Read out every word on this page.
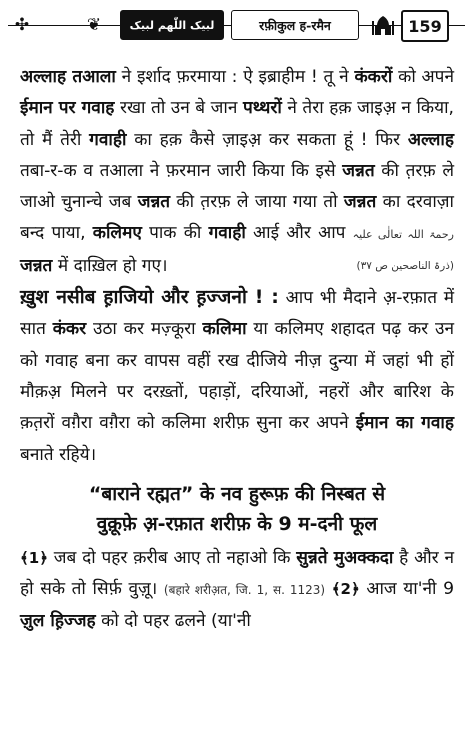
✣	❦	لبیک اللّٰھم لبیک	रफ़ीकुल ह-रमैन	159

अल्लाह तआला ने इर्शाद फ़रमाया : ऐ इब्राहीम ! तू ने कंकरों को अपने ईमान पर गवाह रखा तो उन बे जान पथ्थरों ने तेरा हक़ जाइअ़ न किया, तो मैं तेरी गवाही का हक़ कैसे ज़ाइअ़ कर सकता हूं ! फिर अल्लाह तबा-र-क व तआला ने फ़रमान जारी किया कि इसे जन्नत की त़रफ़ ले जाओ चुनान्चे जब जन्नत की त़रफ़ ले जाया गया तो जन्नत का दरवाज़ा बन्द पाया, कलिमए पाक की गवाही आई और आप رحمۃ اللہ تعالٰی علیہ जन्नत में दाख़िल हो गए।	(ذرۃ الناصحین ص ۳۷)

ख़ुश नसीब ह़ाजियो और ह़ज्जनो ! : आप भी मैदाने अ़-रफ़ात में सात कंकर उठा कर मज़्कूरा कलिमा या कलिमए शहादत पढ़ कर उन को गवाह बना कर वापस वहीं रख दीजिये नीज़ दुन्या में जहां भी हों मौक़अ़ मिलने पर दरख़्तों, पहाड़ों, दरियाओं, नहरों और बारिश के क़त़रों वग़ैरा वग़ैरा को कलिमा शरीफ़ सुना कर अपने ईमान का गवाह बनाते रहिये।

“बाराने रह्मत” के नव हुरूफ़ की निस्बत से
वुक़ूफ़े अ़-रफ़ात शरीफ़ के 9 म-दनी फूल

﴾1﴿ जब दो पहर क़रीब आए तो नहाओ कि सुन्नते मुअक्कदा है और न हो सके तो सिर्फ़ वुज़ू। (बहारे शरीअ़त, जि. 1, स. 1123) ﴾2﴿ आज या'नी 9 ज़ुल ह़िज्जह को दो पहर ढलने (या'नी
